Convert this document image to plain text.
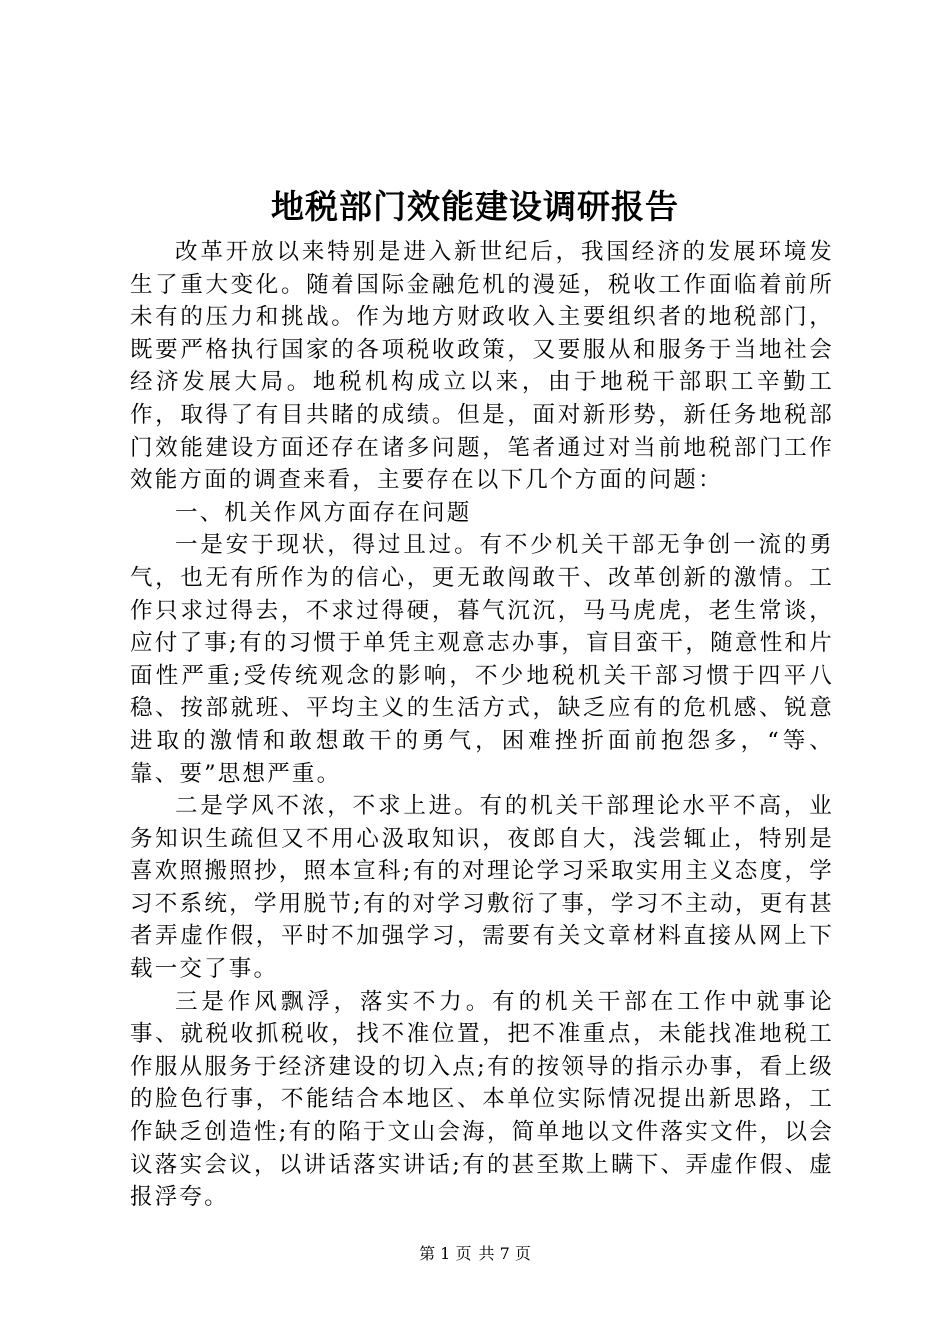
地税部门效能建设调研报告

改革开放以来特别是进入新世纪后，我国经济的发展环境发生了重大变化。随着国际金融危机的漫延，税收工作面临着前所未有的压力和挑战。作为地方财政收入主要组织者的地税部门，既要严格执行国家的各项税收政策，又要服从和服务于当地社会经济发展大局。地税机构成立以来，由于地税干部职工辛勤工作，取得了有目共睹的成绩。但是，面对新形势，新任务地税部门效能建设方面还存在诸多问题，笔者通过对当前地税部门工作效能方面的调查来看，主要存在以下几个方面的问题：

一、机关作风方面存在问题

一是安于现状，得过且过。有不少机关干部无争创一流的勇气，也无有所作为的信心，更无敢闯敢干、改革创新的激情。工作只求过得去，不求过得硬，暮气沉沉，马马虎虎，老生常谈，应付了事;有的习惯于单凭主观意志办事，盲目蛮干，随意性和片面性严重;受传统观念的影响，不少地税机关干部习惯于四平八稳、按部就班、平均主义的生活方式，缺乏应有的危机感、锐意进取的激情和敢想敢干的勇气，困难挫折面前抱怨多，“等、靠、要”思想严重。

二是学风不浓，不求上进。有的机关干部理论水平不高，业务知识生疏但又不用心汲取知识，夜郎自大，浅尝辄止，特别是喜欢照搬照抄，照本宣科;有的对理论学习采取实用主义态度，学习不系统，学用脱节;有的对学习敷衍了事，学习不主动，更有甚者弄虚作假，平时不加强学习，需要有关文章材料直接从网上下载一交了事。

三是作风飘浮，落实不力。有的机关干部在工作中就事论事、就税收抓税收，找不准位置，把不准重点，未能找准地税工作服从服务于经济建设的切入点;有的按领导的指示办事，看上级的脸色行事，不能结合本地区、本单位实际情况提出新思路，工作缺乏创造性;有的陷于文山会海，简单地以文件落实文件，以会议落实会议，以讲话落实讲话;有的甚至欺上瞒下、弄虚作假、虚报浮夸。

第 1 页 共 7 页
